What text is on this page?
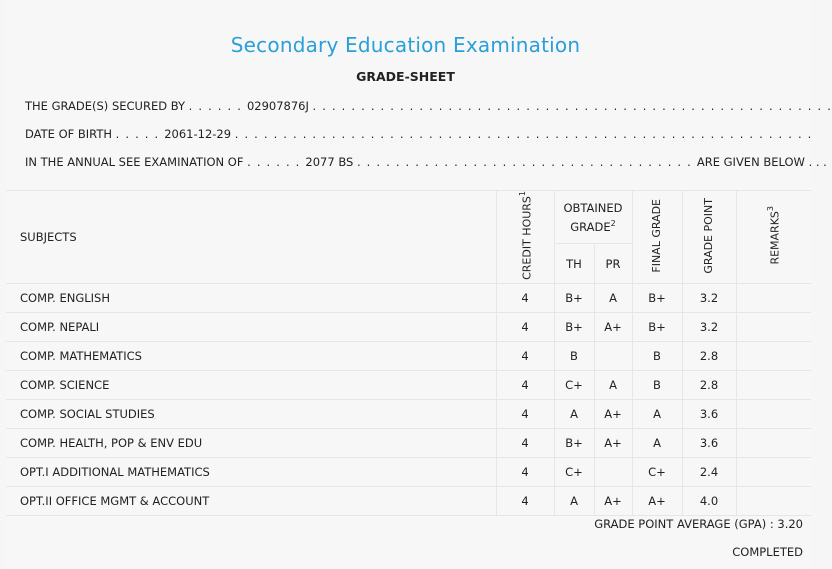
Secondary Education Examination
GRADE-SHEET
THE GRADE(S) SECURED BY . . . . . . 02907876J . . . . . . . . . . . . . . . . . . . . . . . . . . . . . . . . . . . . . . . . . . . . . . . . . . . . . .
DATE OF BIRTH . . . . . 2061-12-29 . . . . . . . . . . . . . . . . . . . . . . . . . . . . . . . . . . . . . . . . . . . . . . . . . . . . . . . . . . . .
IN THE ANNUAL SEE EXAMINATION OF . . . . . . 2077 BS . . . . . . . . . . . . . . . . . . . . . . . . . . . . . . . . . . . ARE GIVEN BELOW . . .
SUBJECTS	CREDIT HOURS$^1$	OBTAINED GRADE$^2$		FINAL GRADE	GRADE POINT	REMARKS$^3$
		TH	PR			
COMP. ENGLISH	4	B+	A	B+	3.2	
COMP. NEPALI	4	B+	A+	B+	3.2	
COMP. MATHEMATICS	4	B		B	2.8	
COMP. SCIENCE	4	C+	A	B	2.8	
COMP. SOCIAL STUDIES	4	A	A+	A	3.6	
COMP. HEALTH, POP & ENV EDU	4	B+	A+	A	3.6	
OPT.I ADDITIONAL MATHEMATICS	4	C+		C+	2.4	
OPT.II OFFICE MGMT & ACCOUNT	4	A	A+	A+	4.0	
GRADE POINT AVERAGE (GPA) : 3.20
COMPLETED
